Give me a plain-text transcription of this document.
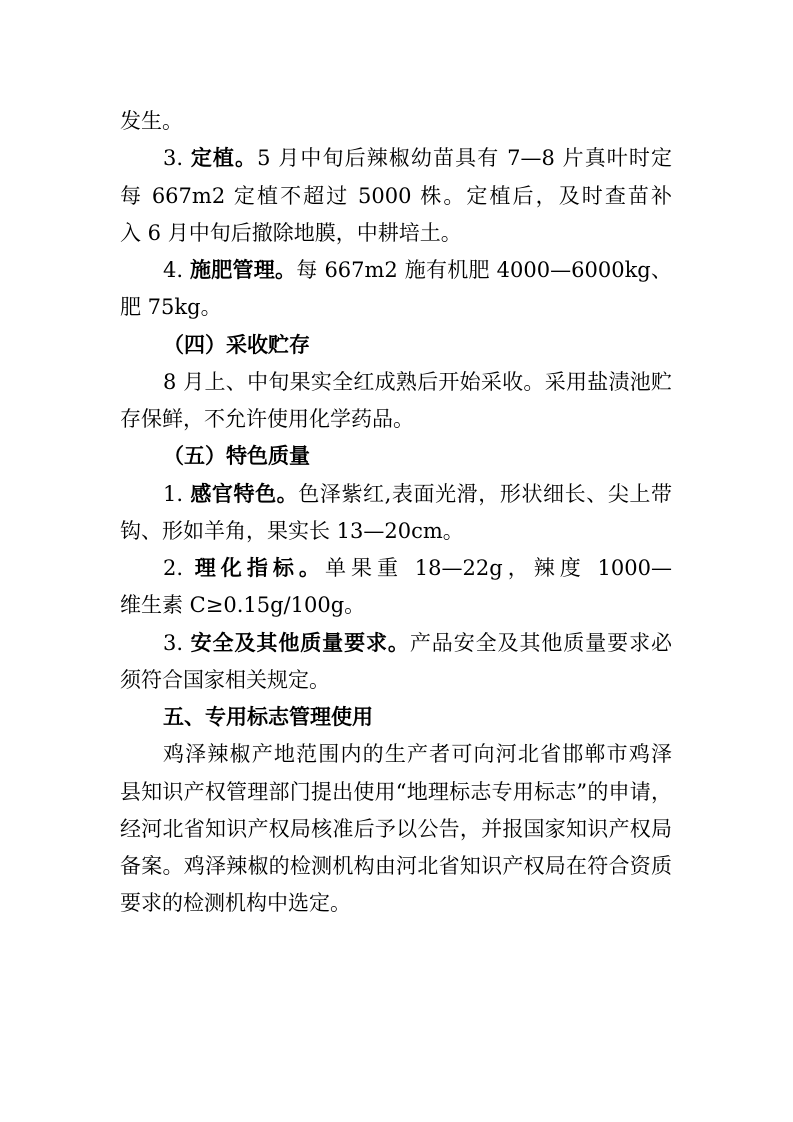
发生。
3. 定植。5 月中旬后辣椒幼苗具有 7—8 片真叶时定
每 667m2 定植不超过 5000 株。定植后，及时查苗补
入 6 月中旬后撤除地膜，中耕培土。
4. 施肥管理。每 667m2 施有机肥 4000—6000kg、
肥 75kg。
（四）采收贮存
8 月上、中旬果实全红成熟后开始采收。采用盐渍池贮
存保鲜，不允许使用化学药品。
（五）特色质量
1. 感官特色。色泽紫红,表面光滑，形状细长、尖上带
钩、形如羊角，果实长 13—20cm。
2. 理化指标。单果重 18—22g，辣度 1000—
维生素 C≥0.15g/100g。
3. 安全及其他质量要求。产品安全及其他质量要求必
须符合国家相关规定。
五、专用标志管理使用
鸡泽辣椒产地范围内的生产者可向河北省邯郸市鸡泽
县知识产权管理部门提出使用“地理标志专用标志”的申请，
经河北省知识产权局核准后予以公告，并报国家知识产权局
备案。鸡泽辣椒的检测机构由河北省知识产权局在符合资质
要求的检测机构中选定。
